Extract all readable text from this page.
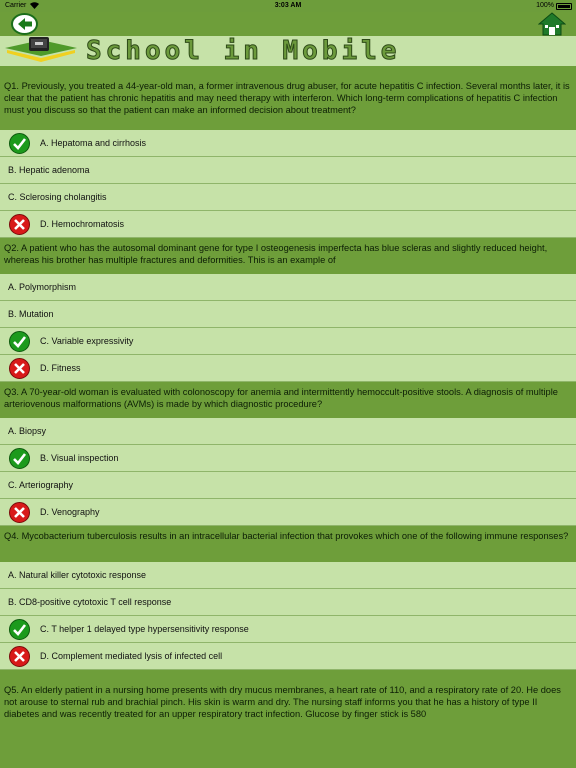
Carrier	3:03 AM	100%
School in Mobile
Q1. Previously, you treated a 44-year-old man, a former intravenous drug abuser, for acute hepatitis C infection. Several months later, it is clear that the patient has chronic hepatitis and may need therapy with interferon. Which long-term complications of hepatitis C infection must you discuss so that the patient can make an informed decision about treatment?
A. Hepatoma and cirrhosis
B. Hepatic adenoma
C. Sclerosing cholangitis
D. Hemochromatosis
Q2. A patient who has the autosomal dominant gene for type I osteogenesis imperfecta has blue scleras and slightly reduced height, whereas his brother has multiple fractures and deformities. This is an example of
A. Polymorphism
B. Mutation
C. Variable expressivity
D. Fitness
Q3. A 70-year-old woman is evaluated with colonoscopy for anemia and intermittently hemoccult-positive stools. A diagnosis of multiple arteriovenous malformations (AVMs) is made by which diagnostic procedure?
A. Biopsy
B. Visual inspection
C. Arteriography
D. Venography
Q4. Mycobacterium tuberculosis results in an intracellular bacterial infection that provokes which one of the following immune responses?
A. Natural killer cytotoxic response
B. CD8-positive cytotoxic T cell response
C. T helper 1 delayed type hypersensitivity response
D. Complement mediated lysis of infected cell
Q5. An elderly patient in a nursing home presents with dry mucus membranes, a heart rate of 110, and a respiratory rate of 20. He does not arouse to sternal rub and brachial pinch. His skin is warm and dry. The nursing staff informs you that he has a history of type II diabetes and was recently treated for an upper respiratory tract infection. Glucose by finger stick is 580
